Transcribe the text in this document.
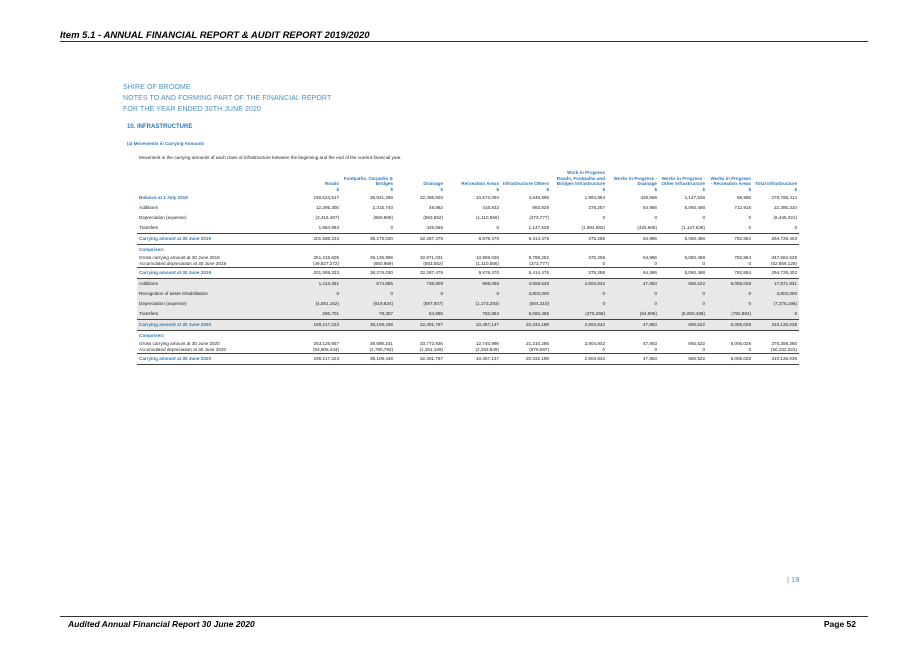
Item 5.1 - ANNUAL FINANCIAL REPORT & AUDIT REPORT 2019/2020
SHIRE OF BROOME
NOTES TO AND FORMING PART OF THE FINANCIAL REPORT
FOR THE YEAR ENDED 30TH JUNE 2020
10. INFRASTRUCTURE
(a) Movements in Carrying Amounts
Movement in the carrying amounts of each class of infrastructure between the beginning and the end of the current financial year.
	Roads	Footpaths, Carparks & Bridges	Drainage	Recreation Areas	Infrastructure Others	Work in Progress Roads, Footpaths and Bridges Infrastructure	Works in Progress - Drainage	Works in Progress - Other Infrastructure	Works in Progress - Recreation Areas	Total Infrastructure
	$	$	$	$	$	$	$	$	$	$
Balance at 1 July 2018	190,624,517	36,821,259	32,495,503	10,572,094	4,646,895	1,984,984	425,666	1,147,528	69,968	278,788,414
Additions	12,395,300	2,315,740	49,862	416,932	993,829	375,257	64,986	5,060,488	712,916	22,385,310
Depreciation (expense)	(3,416,467)	(860,969)	(683,552)	(1,110,556)	(373,777)	0	0	0	0	(6,445,321)
Transfers	1,984,983	0	425,666	0	1,147,528	(1,984,983)	(425,666)	(1,147,528)	0	0
Carrying amount at 30 June 2019	201,588,333	38,276,030	32,287,479	9,878,470	6,414,475	375,258	64,986	5,060,488	782,884	294,728,403
Comprises:										
Gross carrying amount at 30 June 2019	251,415,605	39,136,999	32,971,031	10,989,026	6,788,252	375,258	64,986	5,060,488	782,884	347,584,529
Accumulated depreciation at 30 June 2019	(49,827,272)	(860,969)	(683,552)	(1,110,556)	(373,777)	0	0	0	0	(52,856,126)
Carrying amount at 30 June 2019	201,588,333	38,276,030	32,287,479	9,878,470	6,414,475	375,258	64,986	5,060,488	782,884	294,728,403
Additions	1,413,351	674,885	736,909	969,066	4,559,545	2,804,842	47,863	660,522	6,005,028	17,871,831
Recognition of asset rehabilitation	0	0	0	0	4,802,000	0	0	0	0	4,802,000
Depreciation (expense)	(4,081,162)	(919,824)	(697,607)	(1,173,293)	(504,310)	0	0	0	0	(7,376,196)
Transfers	296,701	78,357	64,986	782,864	5,060,488	(375,258)	(64,986)	(5,060,488)	(782,884)	0
Carrying amount at 30 June 2020	199,217,223	38,109,448	32,391,767	10,457,147	20,332,198	2,804,842	47,863	660,522	6,005,028	310,126,038
Comprises:										
Gross carrying amount at 30 June 2020	253,125,657	39,890,241	33,772,926	12,740,996	21,210,285	2,804,842	47,863	660,522	6,005,028	370,358,360
Accumulated depreciation at 30 June 2020	(53,908,434)	(1,780,793)	(1,381,159)	(2,283,849)	(878,087)	0	0	0	0	(60,232,322)
Carrying amount at 30 June 2020	199,217,223	38,109,448	32,391,767	10,457,147	20,332,198	2,804,842	47,863	660,522	6,005,028	310,126,038
| 19
Audited Annual Financial Report 30 June 2020	Page 52
